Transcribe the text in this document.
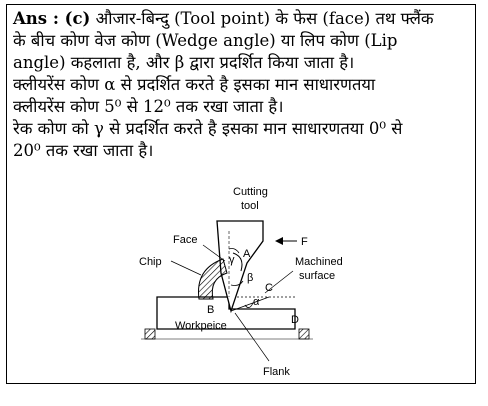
Ans : (c) औजार-बिन्दु (Tool point) के फेस (face) तथ फ्लैंक

के बीच कोण वेज कोण (Wedge angle) या लिप कोण (Lip

angle) कहलाता है, और β द्वारा प्रदर्शित किया जाता है।

क्लीयरेंस कोण α से प्रदर्शित करते है इसका मान साधारणतया

क्लीयरेंस कोण 5⁰ से 12⁰ तक रखा जाता है।

रेक कोण को γ से प्रदर्शित करते है इसका मान साधारणतया 0⁰ से

20⁰ तक रखा जाता है।

Cutting
tool
Face
Chip	γ A
β
C
α
B
D
Workpeice
F
Machined
surface
Flank
